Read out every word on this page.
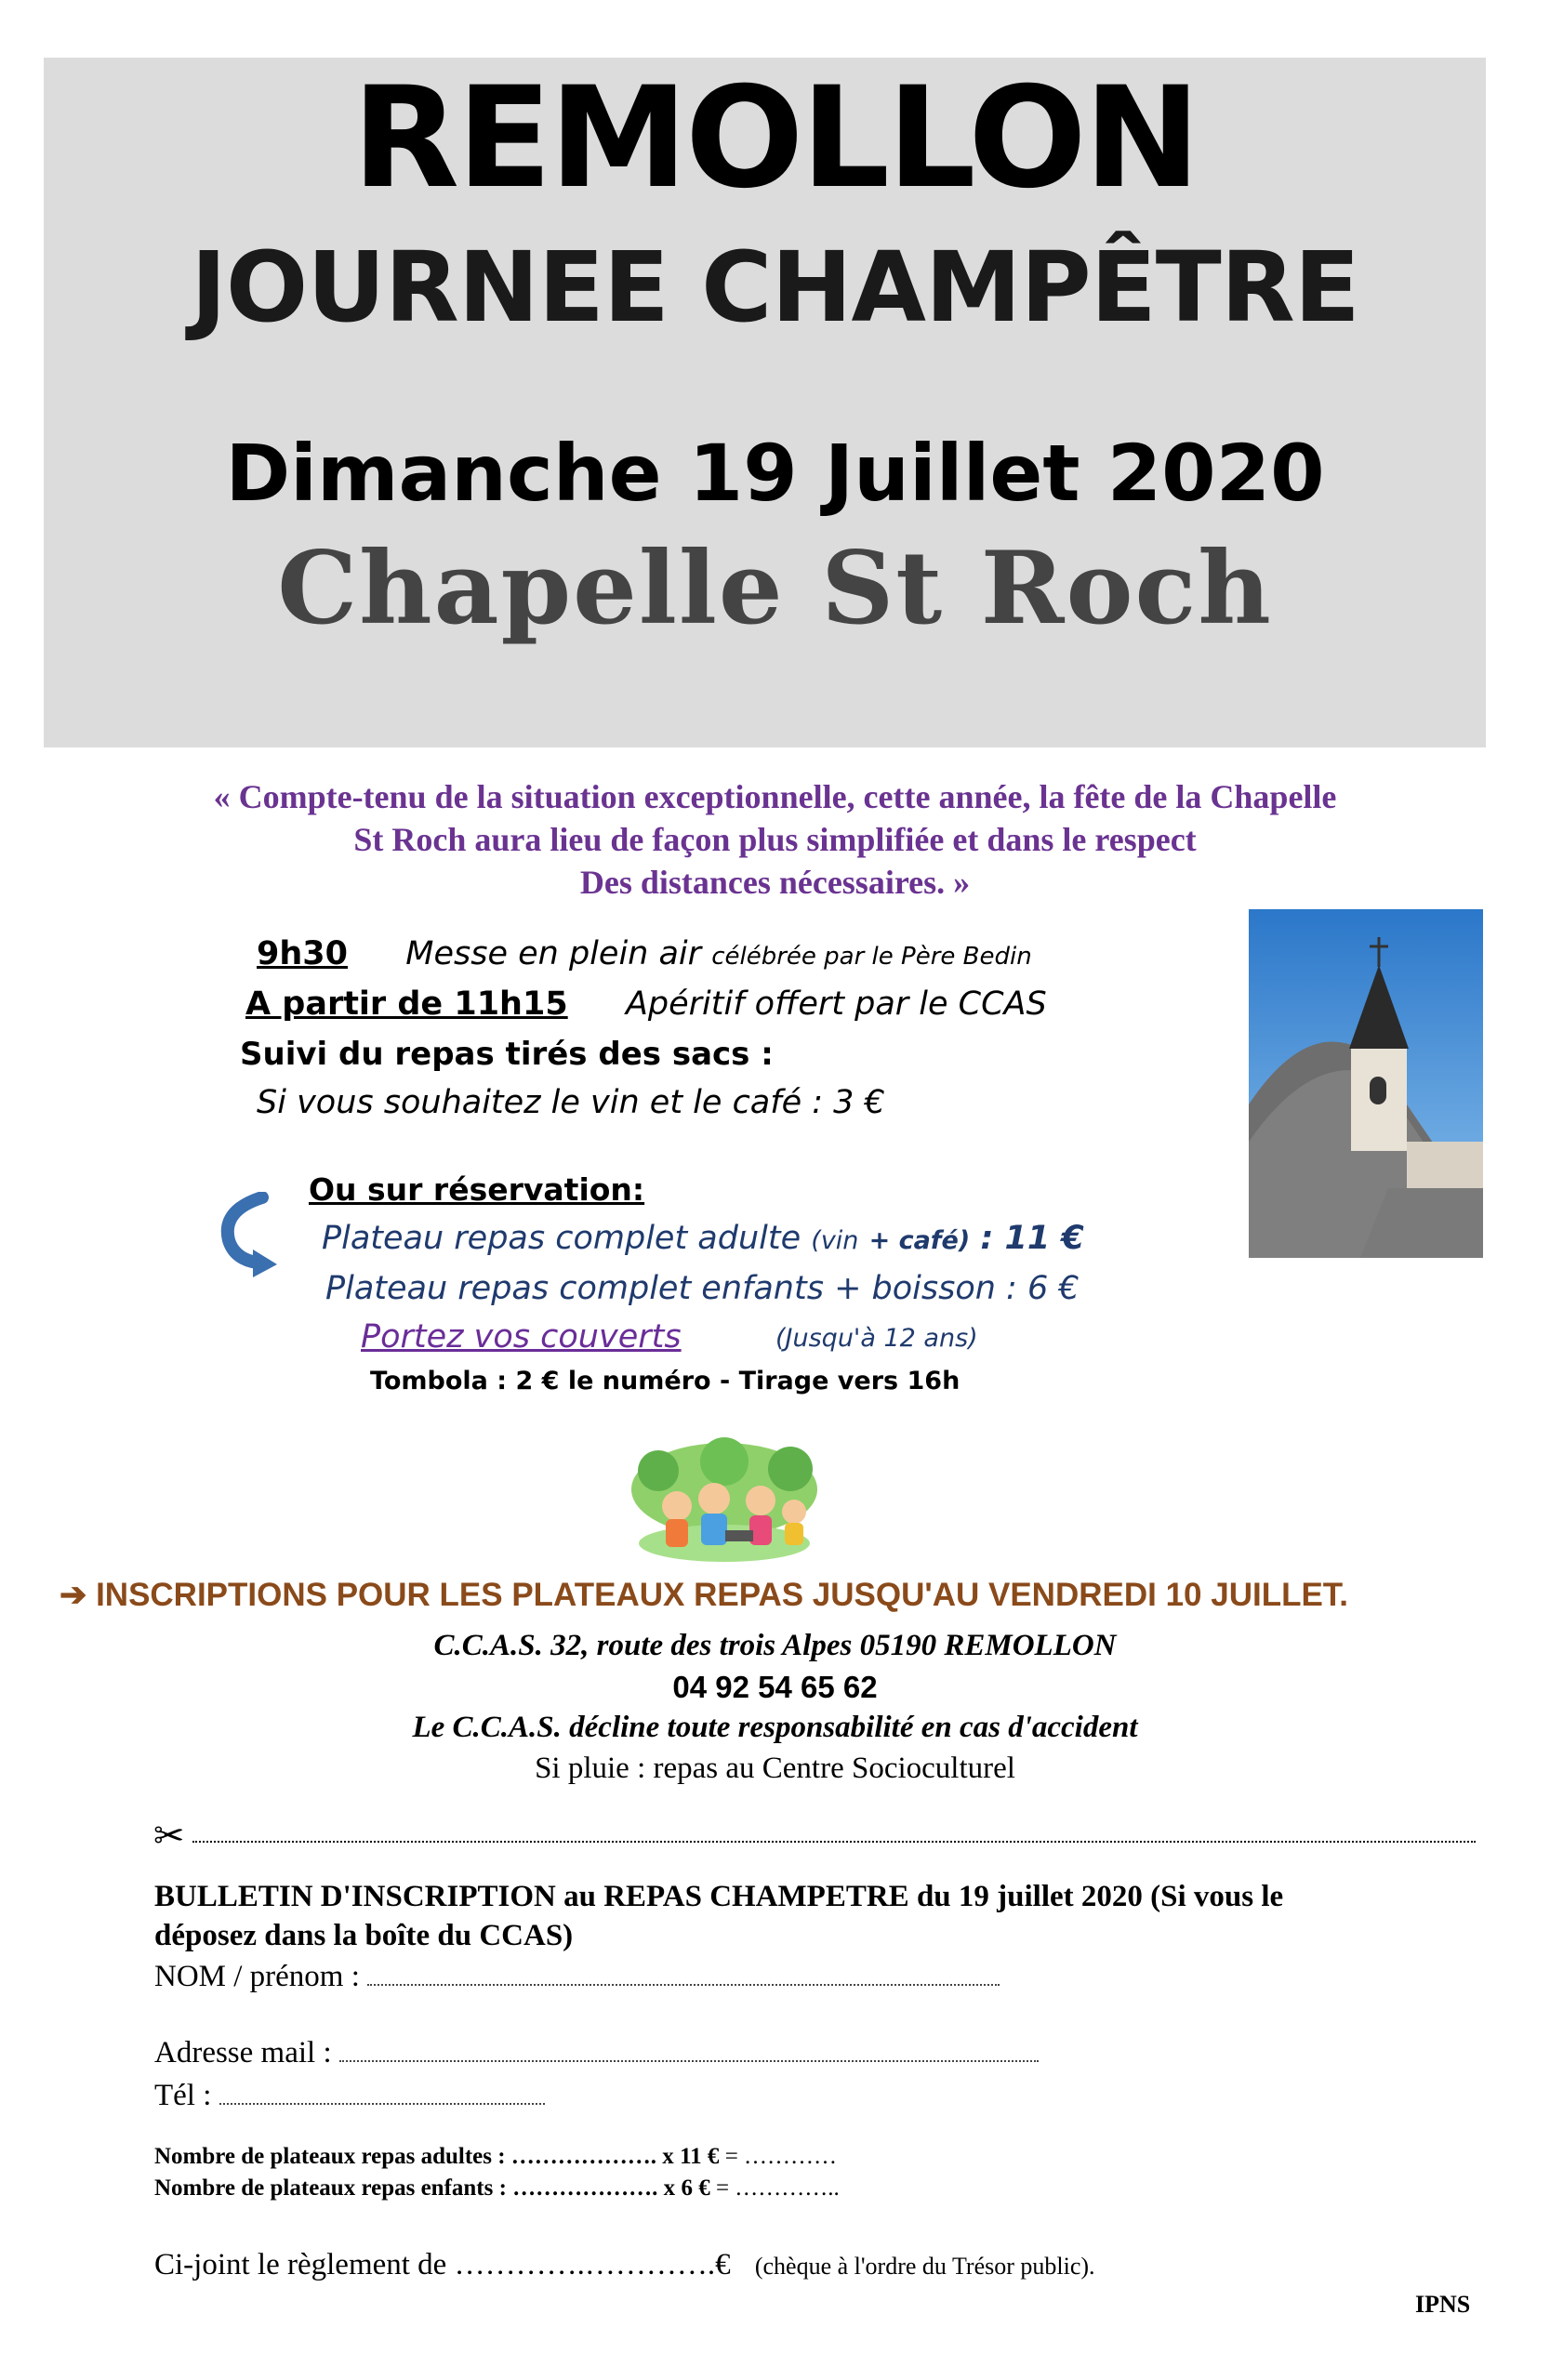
REMOLLON
JOURNEE CHAMPÊTRE
Dimanche 19 Juillet 2020
Chapelle St Roch
« Compte-tenu de la situation exceptionnelle, cette année, la fête de la Chapelle
St Roch aura lieu de façon plus simplifiée et dans le respect
Des distances nécessaires. »
9h30 Messe en plein air célébrée par le Père Bedin
A partir de 11h15 Apéritif offert par le CCAS
Suivi du repas tirés des sacs :
Si vous souhaitez le vin et le café : 3 €
Ou sur réservation:
Plateau repas complet adulte (vin + café) : 11 €
Plateau repas complet enfants + boisson : 6 €
Portez vos couverts	(Jusqu'à 12 ans)
Tombola : 2 € le numéro - Tirage vers 16h
➔ INSCRIPTIONS POUR LES PLATEAUX REPAS JUSQU'AU VENDREDI 10 JUILLET.
C.C.A.S. 32, route des trois Alpes 05190 REMOLLON
04 92 54 65 62
Le C.C.A.S. décline toute responsabilité en cas d'accident
Si pluie : repas au Centre Socioculturel
✂
BULLETIN D'INSCRIPTION au REPAS CHAMPETRE du 19 juillet 2020 (Si vous le
déposez dans la boîte du CCAS)
NOM / prénom :
Adresse mail :
Tél :
Nombre de plateaux repas adultes : ………………. x 11 € = …………
Nombre de plateaux repas enfants : ………………. x 6 € = …………..
Ci-joint le règlement de ………….………….€ (chèque à l'ordre du Trésor public).
IPNS
